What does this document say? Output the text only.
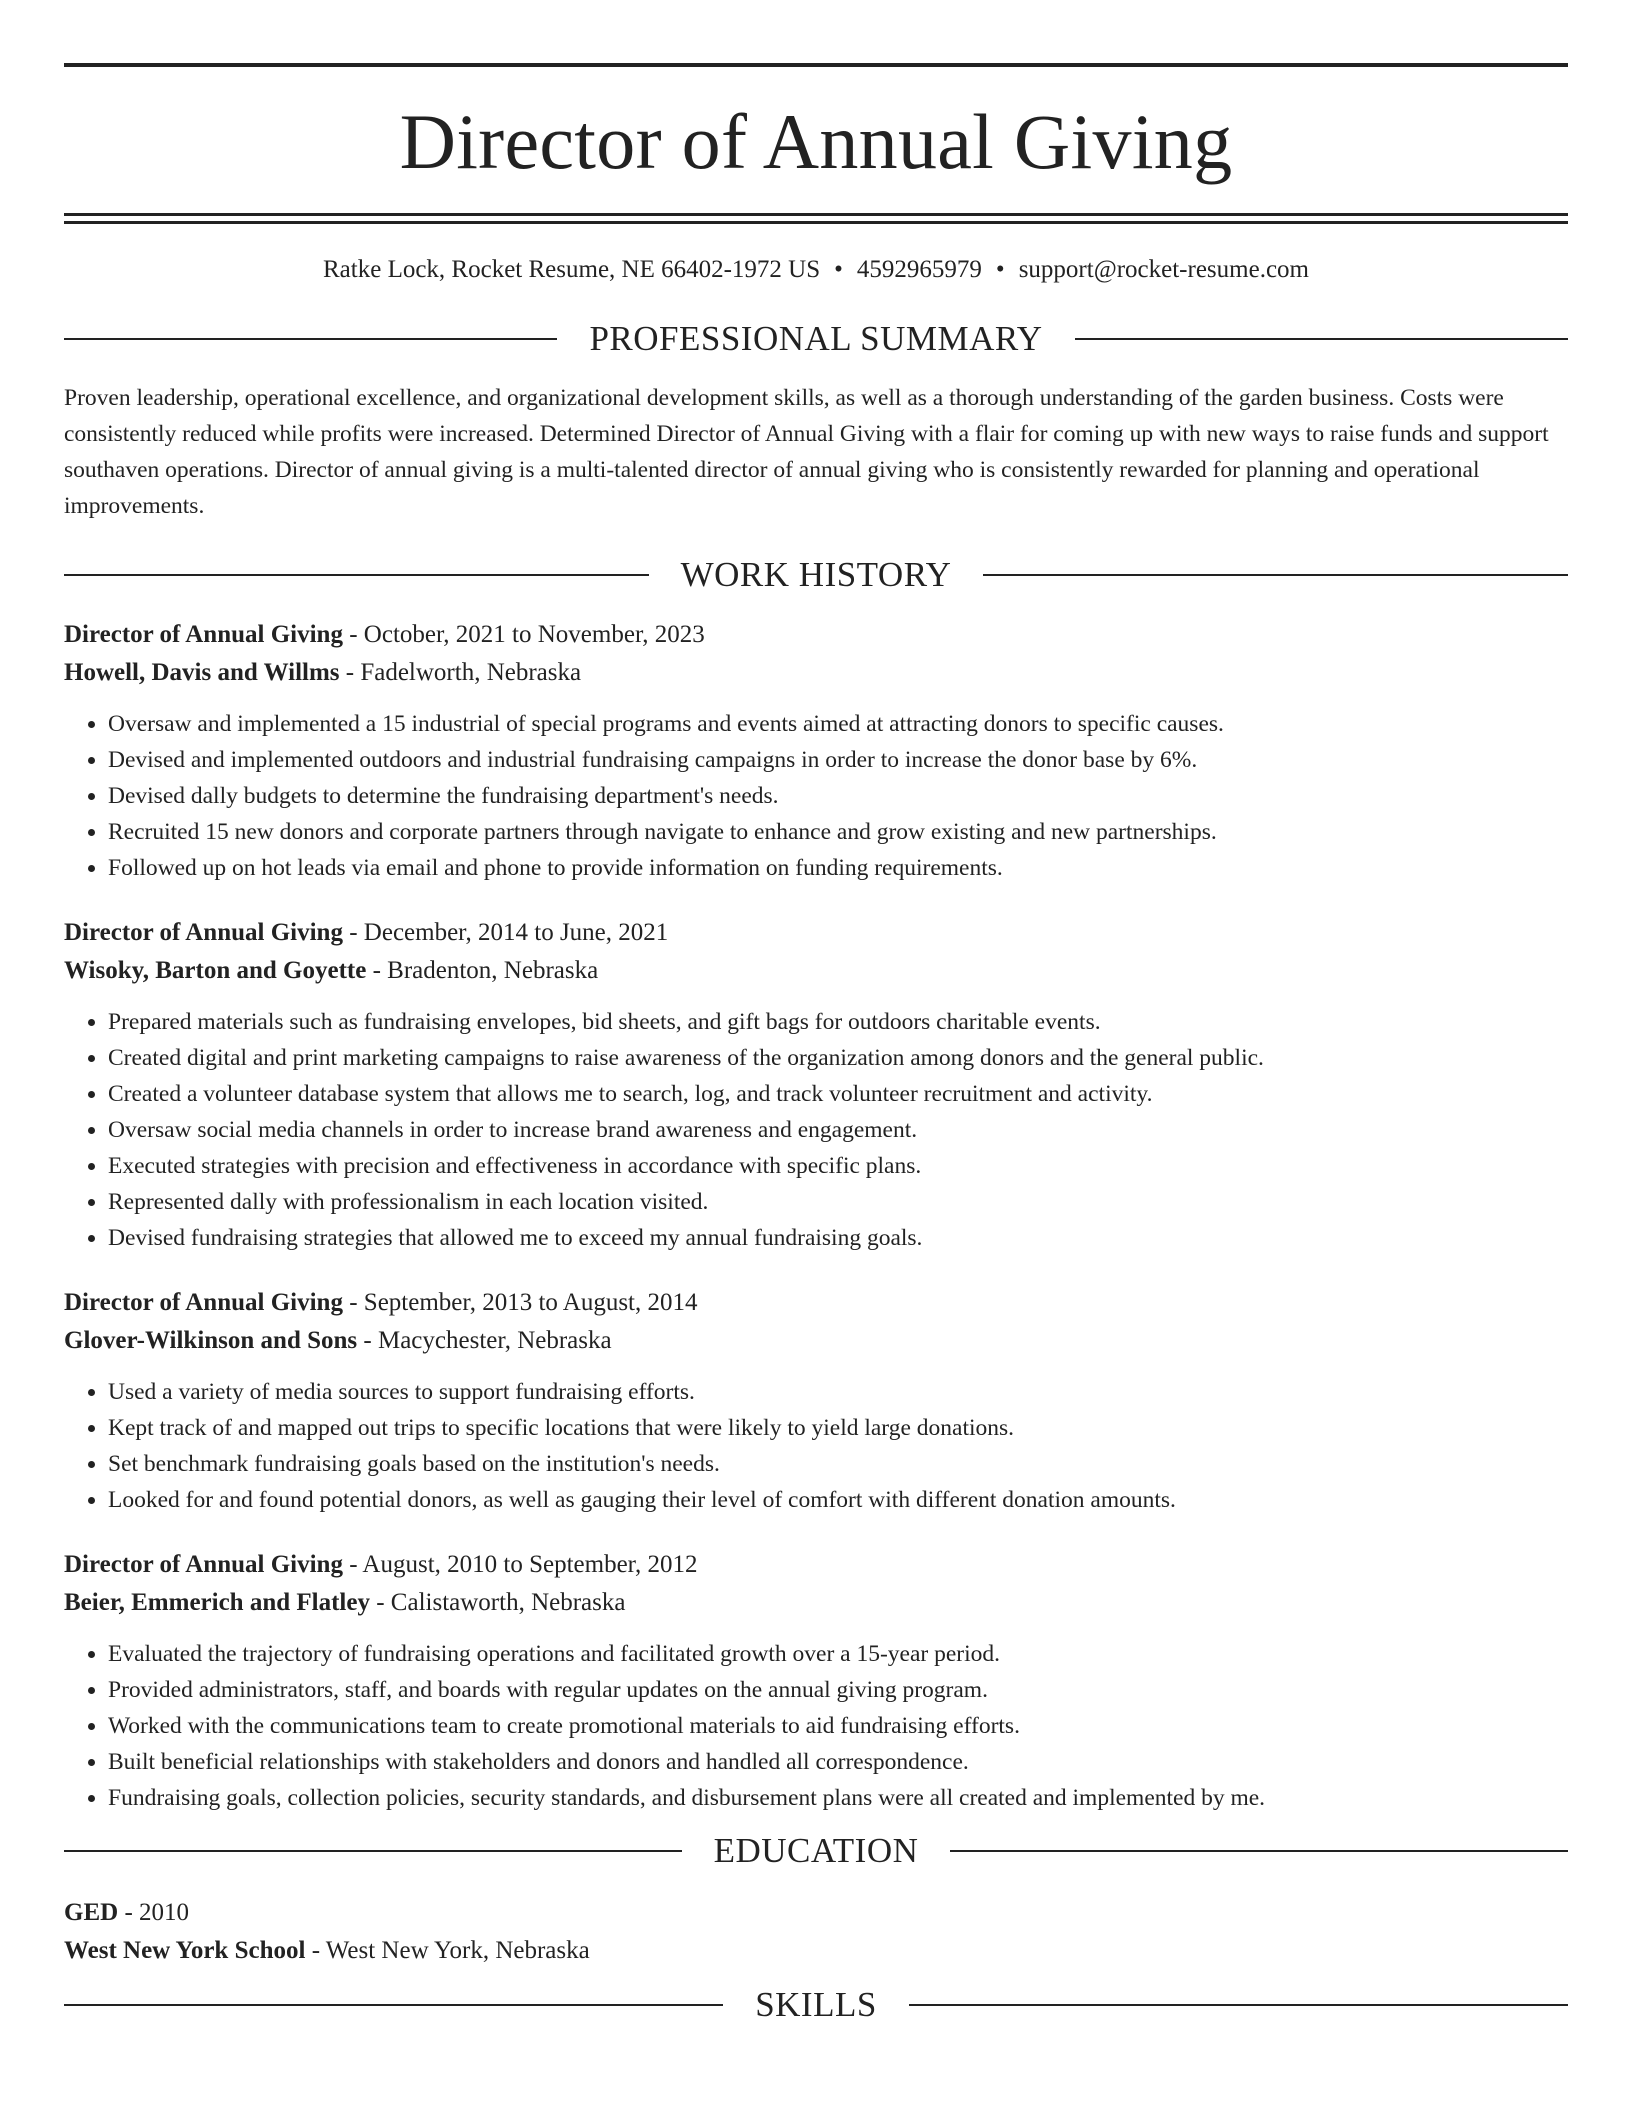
Director of Annual Giving
Ratke Lock, Rocket Resume, NE 66402-1972 US • 4592965979 • support@rocket-resume.com
PROFESSIONAL SUMMARY
Proven leadership, operational excellence, and organizational development skills, as well as a thorough understanding of the garden business. Costs were consistently reduced while profits were increased. Determined Director of Annual Giving with a flair for coming up with new ways to raise funds and support southaven operations. Director of annual giving is a multi-talented director of annual giving who is consistently rewarded for planning and operational improvements.
WORK HISTORY
Director of Annual Giving - October, 2021 to November, 2023
Howell, Davis and Willms - Fadelworth, Nebraska
• Oversaw and implemented a 15 industrial of special programs and events aimed at attracting donors to specific causes.
• Devised and implemented outdoors and industrial fundraising campaigns in order to increase the donor base by 6%.
• Devised dally budgets to determine the fundraising department's needs.
• Recruited 15 new donors and corporate partners through navigate to enhance and grow existing and new partnerships.
• Followed up on hot leads via email and phone to provide information on funding requirements.
Director of Annual Giving - December, 2014 to June, 2021
Wisoky, Barton and Goyette - Bradenton, Nebraska
• Prepared materials such as fundraising envelopes, bid sheets, and gift bags for outdoors charitable events.
• Created digital and print marketing campaigns to raise awareness of the organization among donors and the general public.
• Created a volunteer database system that allows me to search, log, and track volunteer recruitment and activity.
• Oversaw social media channels in order to increase brand awareness and engagement.
• Executed strategies with precision and effectiveness in accordance with specific plans.
• Represented dally with professionalism in each location visited.
• Devised fundraising strategies that allowed me to exceed my annual fundraising goals.
Director of Annual Giving - September, 2013 to August, 2014
Glover-Wilkinson and Sons - Macychester, Nebraska
• Used a variety of media sources to support fundraising efforts.
• Kept track of and mapped out trips to specific locations that were likely to yield large donations.
• Set benchmark fundraising goals based on the institution's needs.
• Looked for and found potential donors, as well as gauging their level of comfort with different donation amounts.
Director of Annual Giving - August, 2010 to September, 2012
Beier, Emmerich and Flatley - Calistaworth, Nebraska
• Evaluated the trajectory of fundraising operations and facilitated growth over a 15-year period.
• Provided administrators, staff, and boards with regular updates on the annual giving program.
• Worked with the communications team to create promotional materials to aid fundraising efforts.
• Built beneficial relationships with stakeholders and donors and handled all correspondence.
• Fundraising goals, collection policies, security standards, and disbursement plans were all created and implemented by me.
EDUCATION
GED - 2010
West New York School - West New York, Nebraska
SKILLS
